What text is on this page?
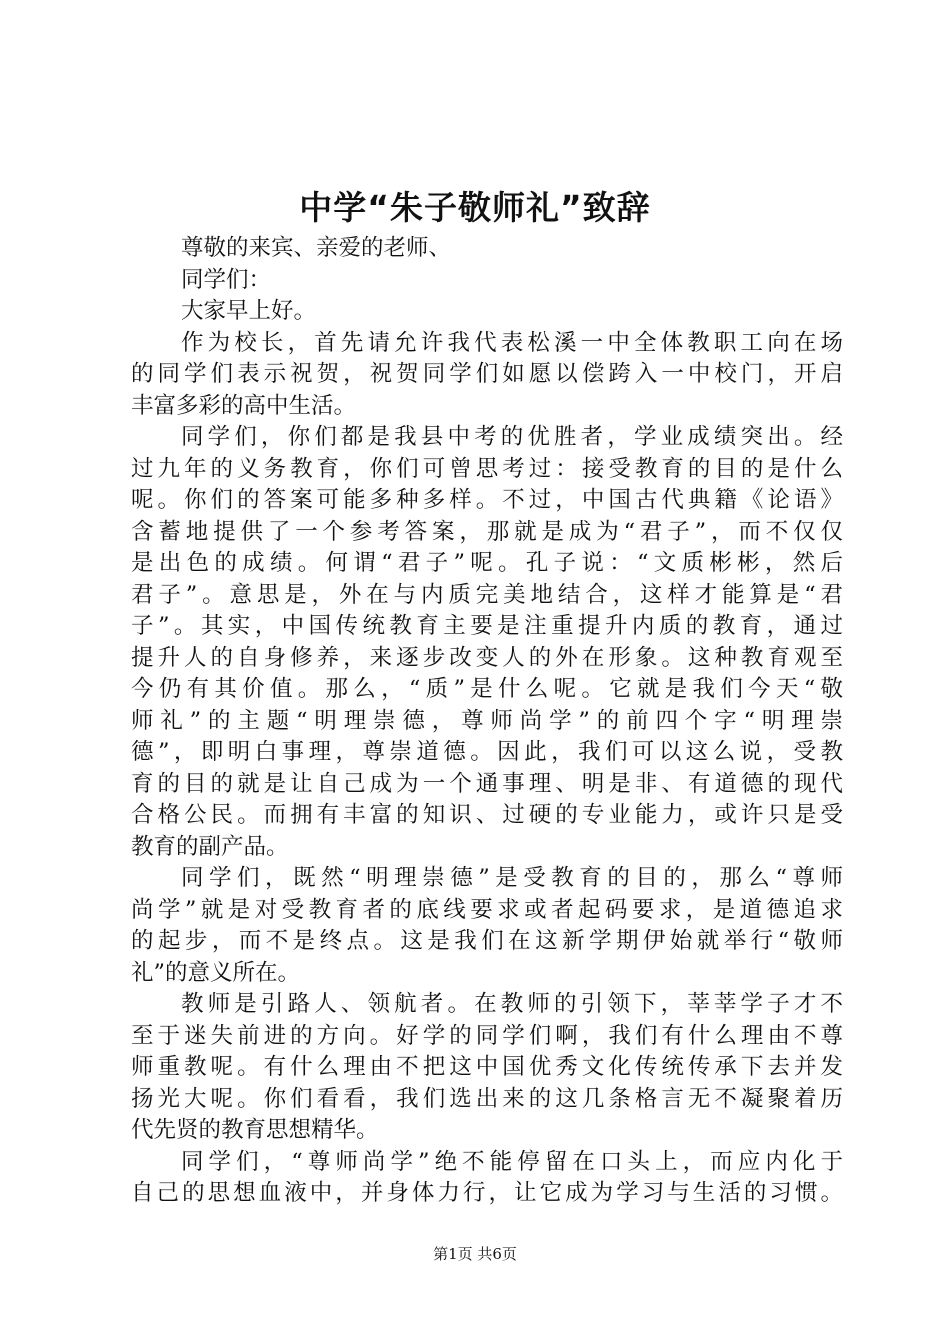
中学“朱子敬师礼”致辞
尊敬的来宾、亲爱的老师、
同学们：
大家早上好。
作为校长，首先请允许我代表松溪一中全体教职工向在场
的同学们表示祝贺，祝贺同学们如愿以偿跨入一中校门，开启
丰富多彩的高中生活。
同学们，你们都是我县中考的优胜者，学业成绩突出。经
过九年的义务教育，你们可曾思考过：接受教育的目的是什么
呢。你们的答案可能多种多样。不过，中国古代典籍《论语》
含蓄地提供了一个参考答案，那就是成为“君子”，而不仅仅
是出色的成绩。何谓“君子”呢。孔子说：“文质彬彬，然后
君子”。意思是，外在与内质完美地结合，这样才能算是“君
子”。其实，中国传统教育主要是注重提升内质的教育，通过
提升人的自身修养，来逐步改变人的外在形象。这种教育观至
今仍有其价值。那么，“质”是什么呢。它就是我们今天“敬
师礼”的主题“明理崇德，尊师尚学”的前四个字“明理崇
德”，即明白事理，尊崇道德。因此，我们可以这么说，受教
育的目的就是让自己成为一个通事理、明是非、有道德的现代
合格公民。而拥有丰富的知识、过硬的专业能力，或许只是受
教育的副产品。
同学们，既然“明理崇德”是受教育的目的，那么“尊师
尚学”就是对受教育者的底线要求或者起码要求，是道德追求
的起步，而不是终点。这是我们在这新学期伊始就举行“敬师
礼”的意义所在。
教师是引路人、领航者。在教师的引领下，莘莘学子才不
至于迷失前进的方向。好学的同学们啊，我们有什么理由不尊
师重教呢。有什么理由不把这中国优秀文化传统传承下去并发
扬光大呢。你们看看，我们选出来的这几条格言无不凝聚着历
代先贤的教育思想精华。
同学们，“尊师尚学”绝不能停留在口头上，而应内化于
自己的思想血液中，并身体力行，让它成为学习与生活的习惯。
第1页 共6页
